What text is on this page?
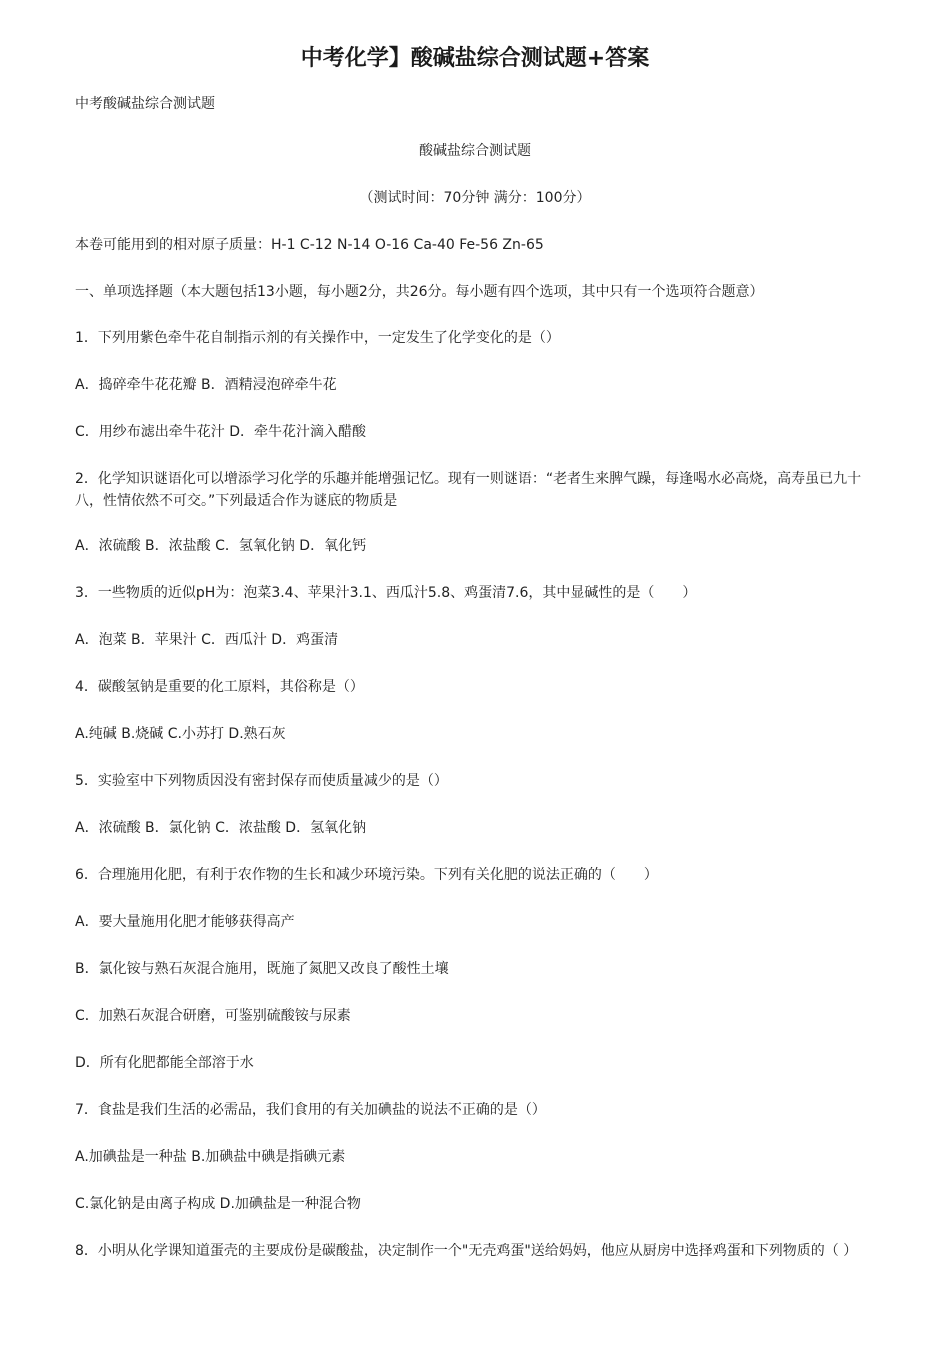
中考化学】酸碱盐综合测试题+答案
中考酸碱盐综合测试题
酸碱盐综合测试题
（测试时间：70分钟 满分：100分）
本卷可能用到的相对原子质量：H-1 C-12 N-14 O-16 Ca-40 Fe-56 Zn-65
一、单项选择题（本大题包括13小题，每小题2分，共26分。每小题有四个选项，其中只有一个选项符合题意）
1．下列用紫色牵牛花自制指示剂的有关操作中，一定发生了化学变化的是（）
A．捣碎牵牛花花瓣 B．酒精浸泡碎牵牛花
C．用纱布滤出牵牛花汁 D．牵牛花汁滴入醋酸
2．化学知识谜语化可以增添学习化学的乐趣并能增强记忆。现有一则谜语：“老者生来脾气躁，每逢喝水必高烧，高寿虽已九十八，性情依然不可交。”下列最适合作为谜底的物质是
A．浓硫酸 B．浓盐酸 C．氢氧化钠 D．氧化钙
3．一些物质的近似pH为：泡菜3.4、苹果汁3.1、西瓜汁5.8、鸡蛋清7.6，其中显碱性的是（　　）
A．泡菜 B．苹果汁 C．西瓜汁 D．鸡蛋清
4．碳酸氢钠是重要的化工原料，其俗称是（）
A.纯碱 B.烧碱 C.小苏打 D.熟石灰
5．实验室中下列物质因没有密封保存而使质量减少的是（）
A．浓硫酸 B．氯化钠 C．浓盐酸 D．氢氧化钠
6．合理施用化肥，有利于农作物的生长和减少环境污染。下列有关化肥的说法正确的（　　）
A．要大量施用化肥才能够获得高产
B．氯化铵与熟石灰混合施用，既施了氮肥又改良了酸性土壤
C．加熟石灰混合研磨，可鉴别硫酸铵与尿素
D．所有化肥都能全部溶于水
7．食盐是我们生活的必需品，我们食用的有关加碘盐的说法不正确的是（）
A.加碘盐是一种盐 B.加碘盐中碘是指碘元素
C.氯化钠是由离子构成 D.加碘盐是一种混合物
8．小明从化学课知道蛋壳的主要成份是碳酸盐，决定制作一个"无壳鸡蛋"送给妈妈，他应从厨房中选择鸡蛋和下列物质的（ ）
